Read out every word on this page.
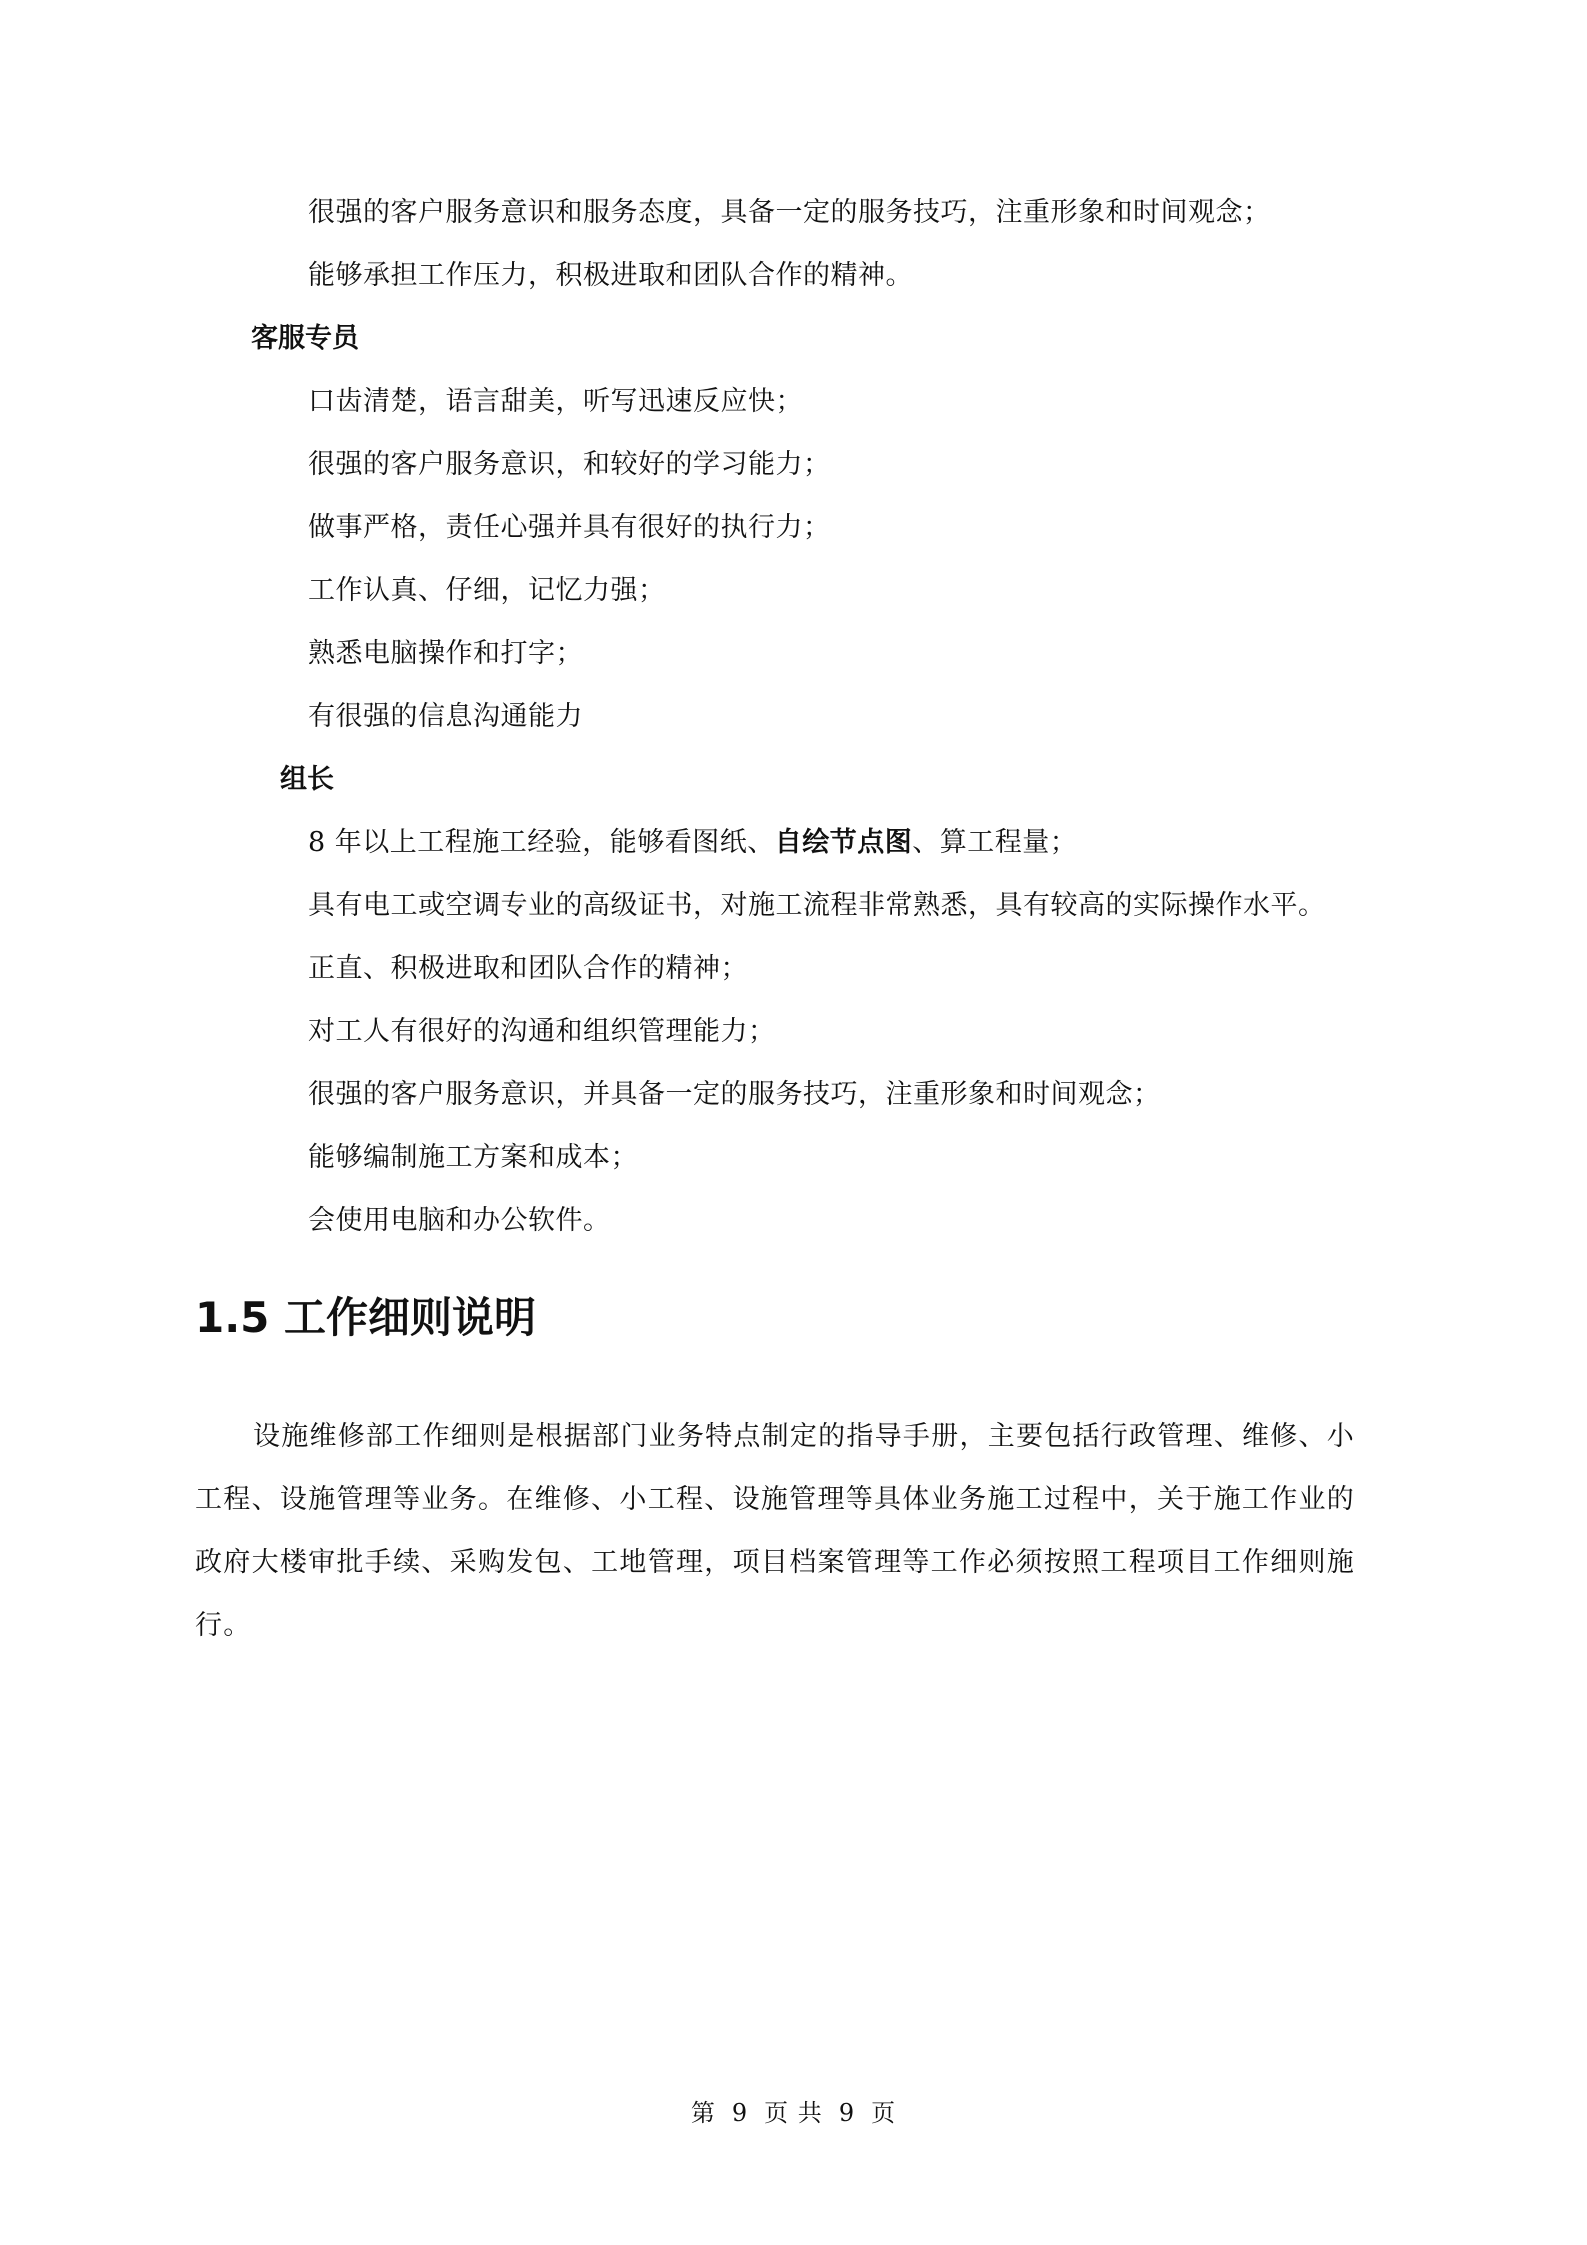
很强的客户服务意识和服务态度，具备一定的服务技巧，注重形象和时间观念；
能够承担工作压力，积极进取和团队合作的精神。
客服专员
口齿清楚，语言甜美，听写迅速反应快；
很强的客户服务意识，和较好的学习能力；
做事严格，责任心强并具有很好的执行力；
工作认真、仔细，记忆力强；
熟悉电脑操作和打字；
有很强的信息沟通能力
组长
8 年以上工程施工经验，能够看图纸、自绘节点图、算工程量；
具有电工或空调专业的高级证书，对施工流程非常熟悉，具有较高的实际操作水平。
正直、积极进取和团队合作的精神；
对工人有很好的沟通和组织管理能力；
很强的客户服务意识，并具备一定的服务技巧，注重形象和时间观念；
能够编制施工方案和成本；
会使用电脑和办公软件。
1.5 工作细则说明
设施维修部工作细则是根据部门业务特点制定的指导手册，主要包括行政管理、维修、小工程、设施管理等业务。在维修、小工程、设施管理等具体业务施工过程中，关于施工作业的政府大楼审批手续、采购发包、工地管理，项目档案管理等工作必须按照工程项目工作细则施行。
第 9 页 共 9 页
